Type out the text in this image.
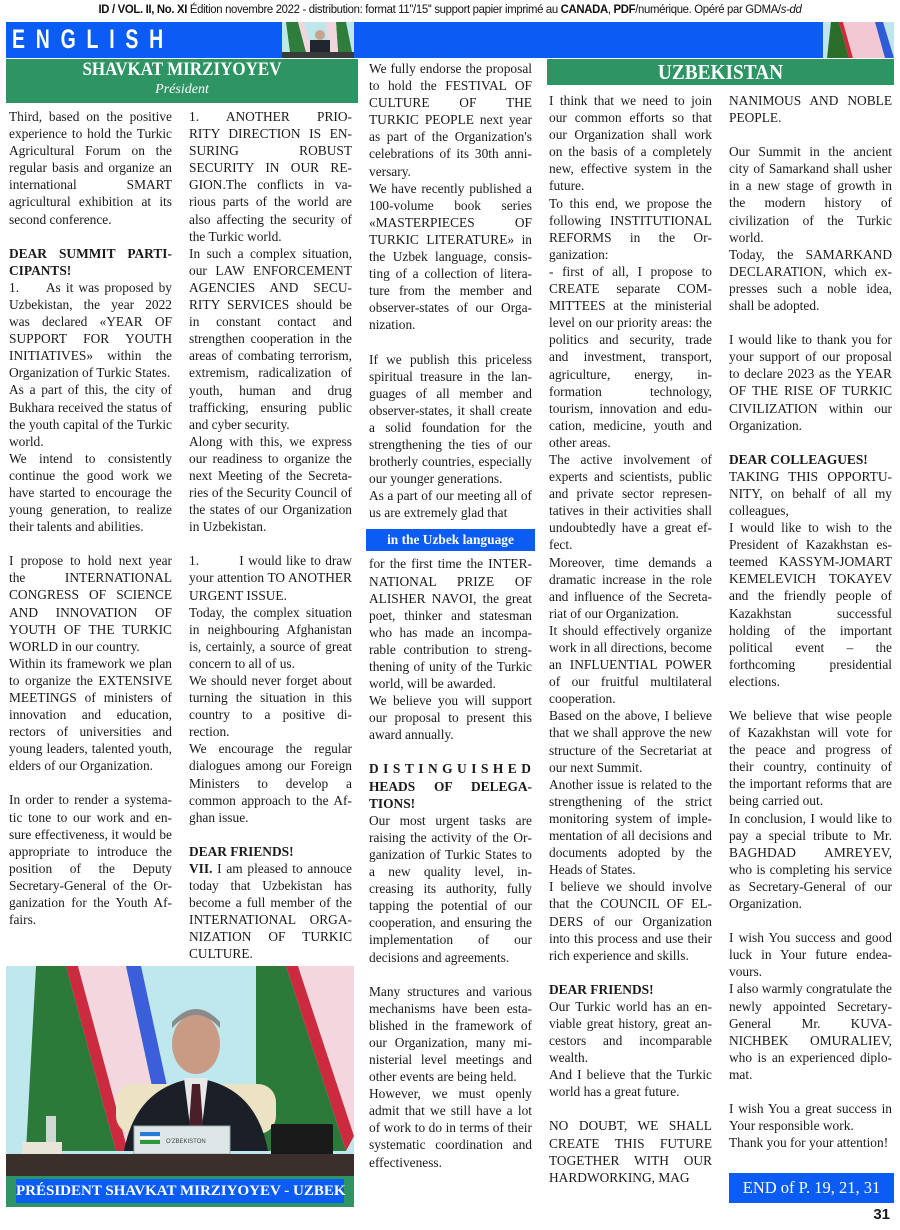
ID / VOL. II, No. XI Édition novembre 2022 - distribution: format 11''/15'' support papier imprimé au CANADA, PDF/numérique. Opéré par GDMA/s-dd
ENGLISH
SHAVKAT MIRZIYOYEV
Président
UZBEKISTAN

Third, based on the positive experience to hold the Turkic Agricultural Forum on the regular basis and organize an international SMART agricultural exhibition at its second conference.

DEAR SUMMIT PARTICIPANTS!

1.  As it was proposed by Uzbekistan, the year 2022 was declared «YEAR OF SUPPORT FOR YOUTH INITIATIVES» within the Organization of Turkic States.

As a part of this, the city of Bukhara received the status of the youth capital of the Turkic world.

We intend to consistently continue the good work we have started to encourage the young generation, to realize their talents and abilities.

I propose to hold next year the INTERNATIONAL CONGRESS OF SCIENCE AND INNOVATION OF YOUTH OF THE TURKIC WORLD in our country.

Within its framework we plan to organize the EXTENSIVE MEETINGS of ministers of innovation and education, rectors of universities and young leaders, talented youth, elders of our Organization.

In order to render a systematic tone to our work and ensure effectiveness, it would be appropriate to introduce the position of the Deputy Secretary-General of the Organization for the Youth Affairs.

1.  ANOTHER PRIORITY DIRECTION IS ENSURING ROBUST SECURITY IN OUR REGION.The conflicts in various parts of the world are also affecting the security of the Turkic world.

In such a complex situation, our LAW ENFORCEMENT AGENCIES AND SECURITY SERVICES should be in constant contact and strengthen cooperation in the areas of combating terrorism, extremism, radicalization of youth, human and drug trafficking, ensuring public and cyber security.

Along with this, we express our readiness to organize the next Meeting of the Secretaries of the Security Council of the states of our Organization in Uzbekistan.

1.   I would like to draw your attention TO ANOTHER URGENT ISSUE.

Today, the complex situation in neighbouring Afghanistan is, certainly, a source of great concern to all of us.

We should never forget about turning the situation in this country to a positive direction.

We encourage the regular dialogues among our Foreign Ministers to develop a common approach to the Afghan issue.

DEAR FRIENDS!

VII. I am pleased to annouce today that Uzbekistan has become a full member of the INTERNATIONAL ORGANIZATION OF TURKIC CULTURE.

We fully endorse the proposal to hold the FESTIVAL OF CULTURE OF THE TURKIC PEOPLE next year as part of the Organization's celebrations of its 30th anniversary.

We have recently published a 100-volume book series «MASTERPIECES OF TURKIC LITERATURE» in the Uzbek language, consisting of a collection of literature from the member and observer-states of our Organization.

If we publish this priceless spiritual treasure in the languages of all member and observer-states, it shall create a solid foundation for the strengthening the ties of our brotherly countries, especially our younger generations.

As a part of our meeting all of us are extremely glad that

in the Uzbek language

for the first time the INTERNATIONAL PRIZE OF ALISHER NAVOI, the great poet, thinker and statesman who has made an incomparable contribution to strengthening of unity of the Turkic world, will be awarded.

We believe you will support our proposal to present this award annually.

DISTINGUISHED

HEADS OF DELEGATIONS!

Our most urgent tasks are raising the activity of the Organization of Turkic States to a new quality level, increasing its authority, fully tapping the potential of our cooperation, and ensuring the implementation of our decisions and agreements.

Many structures and various mechanisms have been established in the framework of our Organization, many ministerial level meetings and other events are being held.

However, we must openly admit that we still have a lot of work to do in terms of their systematic coordination and effectiveness.

I think that we need to join our common efforts so that our Organization shall work on the basis of a completely new, effective system in the future.

To this end, we propose the following INSTITUTIONAL REFORMS in the Organization:

- first of all, I propose to CREATE separate COMMITTEES at the ministerial level on our priority areas: the politics and security, trade and investment, transport, agriculture, energy, information technology, tourism, innovation and education, medicine, youth and other areas.

The active involvement of experts and scientists, public and private sector representatives in their activities shall undoubtedly have a great effect.

Moreover, time demands a dramatic increase in the role and influence of the Secretariat of our Organization.

It should effectively organize work in all directions, become an INFLUENTIAL POWER of our fruitful multilateral cooperation.

Based on the above, I believe that we shall approve the new structure of the Secretariat at our next Summit.

Another issue is related to the strengthening of the strict monitoring system of implementation of all decisions and documents adopted by the Heads of States.

I believe we should involve that the COUNCIL OF ELDERS of our Organization into this process and use their rich experience and skills.

DEAR FRIENDS!

Our Turkic world has an enviable great history, great ancestors and incomparable wealth.

And I believe that the Turkic world has a great future.

NO DOUBT, WE SHALL CREATE THIS FUTURE TOGETHER WITH OUR HARDWORKING, MAG

NANIMOUS AND NOBLE PEOPLE.

Our Summit in the ancient city of Samarkand shall usher in a new stage of growth in the modern history of civilization of the Turkic world.

Today, the SAMARKAND DECLARATION, which expresses such a noble idea, shall be adopted.

I would like to thank you for your support of our proposal to declare 2023 as the YEAR OF THE RISE OF TURKIC CIVILIZATION within our Organization.

DEAR COLLEAGUES!

TAKING THIS OPPORTUNITY, on behalf of all my colleagues,

I would like to wish to the President of Kazakhstan esteemed KASSYM-JOMART KEMELEVICH TOKAYEV and the friendly people of Kazakhstan successful holding of the important political event – the forthcoming presidential elections.

We believe that wise people of Kazakhstan will vote for the peace and progress of their country, continuity of the important reforms that are being carried out.

In conclusion, I would like to pay a special tribute to Mr. BAGHDAD AMREYEV, who is completing his service as Secretary-General of our Organization.

I wish You success and good luck in Your future endeavours.

I also warmly congratulate the newly appointed Secretary-General Mr. KUVANICHBEK OMURALIEV, who is an experienced diplomat.

I wish You a great success in Your responsible work.

Thank you for your attention!

O'ZBEKISTON
PRÉSIDENT SHAVKAT MIRZIYOYEV - UZBEK	END of P. 19, 21, 31
31
